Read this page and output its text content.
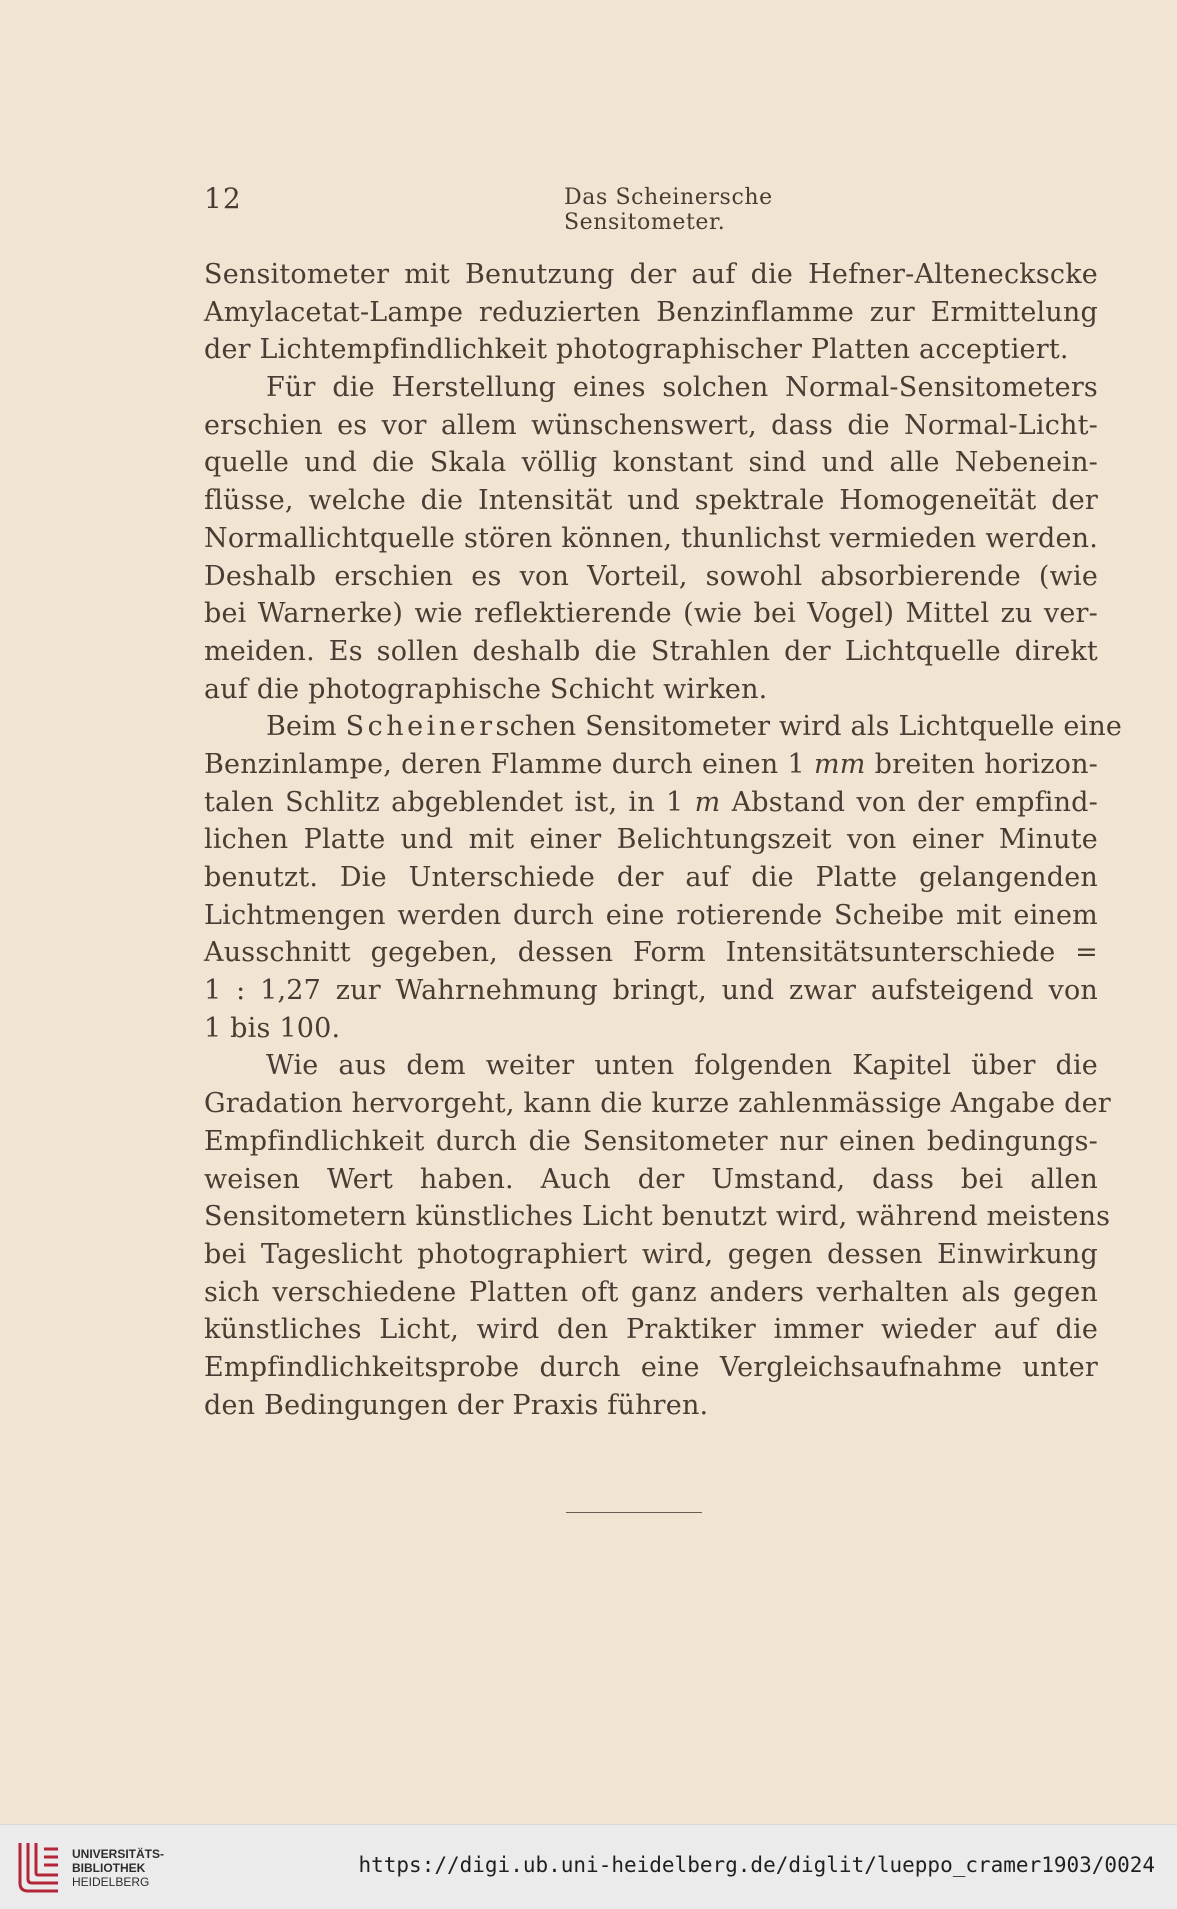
12	Das Scheinersche Sensitometer.
Sensitometer mit Benutzung der auf die Hefner-Alteneckscke
Amylacetat-Lampe reduzierten Benzinflamme zur Ermittelung
der Lichtempfindlichkeit photographischer Platten acceptiert.
Für die Herstellung eines solchen Normal-Sensitometers
erschien es vor allem wünschenswert, dass die Normal-Licht-
quelle und die Skala völlig konstant sind und alle Nebenein-
flüsse, welche die Intensität und spektrale Homogeneïtät der
Normallichtquelle stören können, thunlichst vermieden werden.
Deshalb erschien es von Vorteil, sowohl absorbierende (wie
bei Warnerke) wie reflektierende (wie bei Vogel) Mittel zu ver-
meiden. Es sollen deshalb die Strahlen der Lichtquelle direkt
auf die photographische Schicht wirken.
Beim Scheinerschen Sensitometer wird als Lichtquelle eine
Benzinlampe, deren Flamme durch einen 1 mm breiten horizon-
talen Schlitz abgeblendet ist, in 1 m Abstand von der empfind-
lichen Platte und mit einer Belichtungszeit von einer Minute
benutzt. Die Unterschiede der auf die Platte gelangenden
Lichtmengen werden durch eine rotierende Scheibe mit einem
Ausschnitt gegeben, dessen Form Intensitätsunterschiede =
1 : 1,27 zur Wahrnehmung bringt, und zwar aufsteigend von
1 bis 100.
Wie aus dem weiter unten folgenden Kapitel über die
Gradation hervorgeht, kann die kurze zahlenmässige Angabe der
Empfindlichkeit durch die Sensitometer nur einen bedingungs-
weisen Wert haben. Auch der Umstand, dass bei allen
Sensitometern künstliches Licht benutzt wird, während meistens
bei Tageslicht photographiert wird, gegen dessen Einwirkung
sich verschiedene Platten oft ganz anders verhalten als gegen
künstliches Licht, wird den Praktiker immer wieder auf die
Empfindlichkeitsprobe durch eine Vergleichsaufnahme unter
den Bedingungen der Praxis führen.
UNIVERSITÄTS-
BIBLIOTHEK
HEIDELBERG
https://digi.ub.uni-heidelberg.de/diglit/lueppo_cramer1903/0024
